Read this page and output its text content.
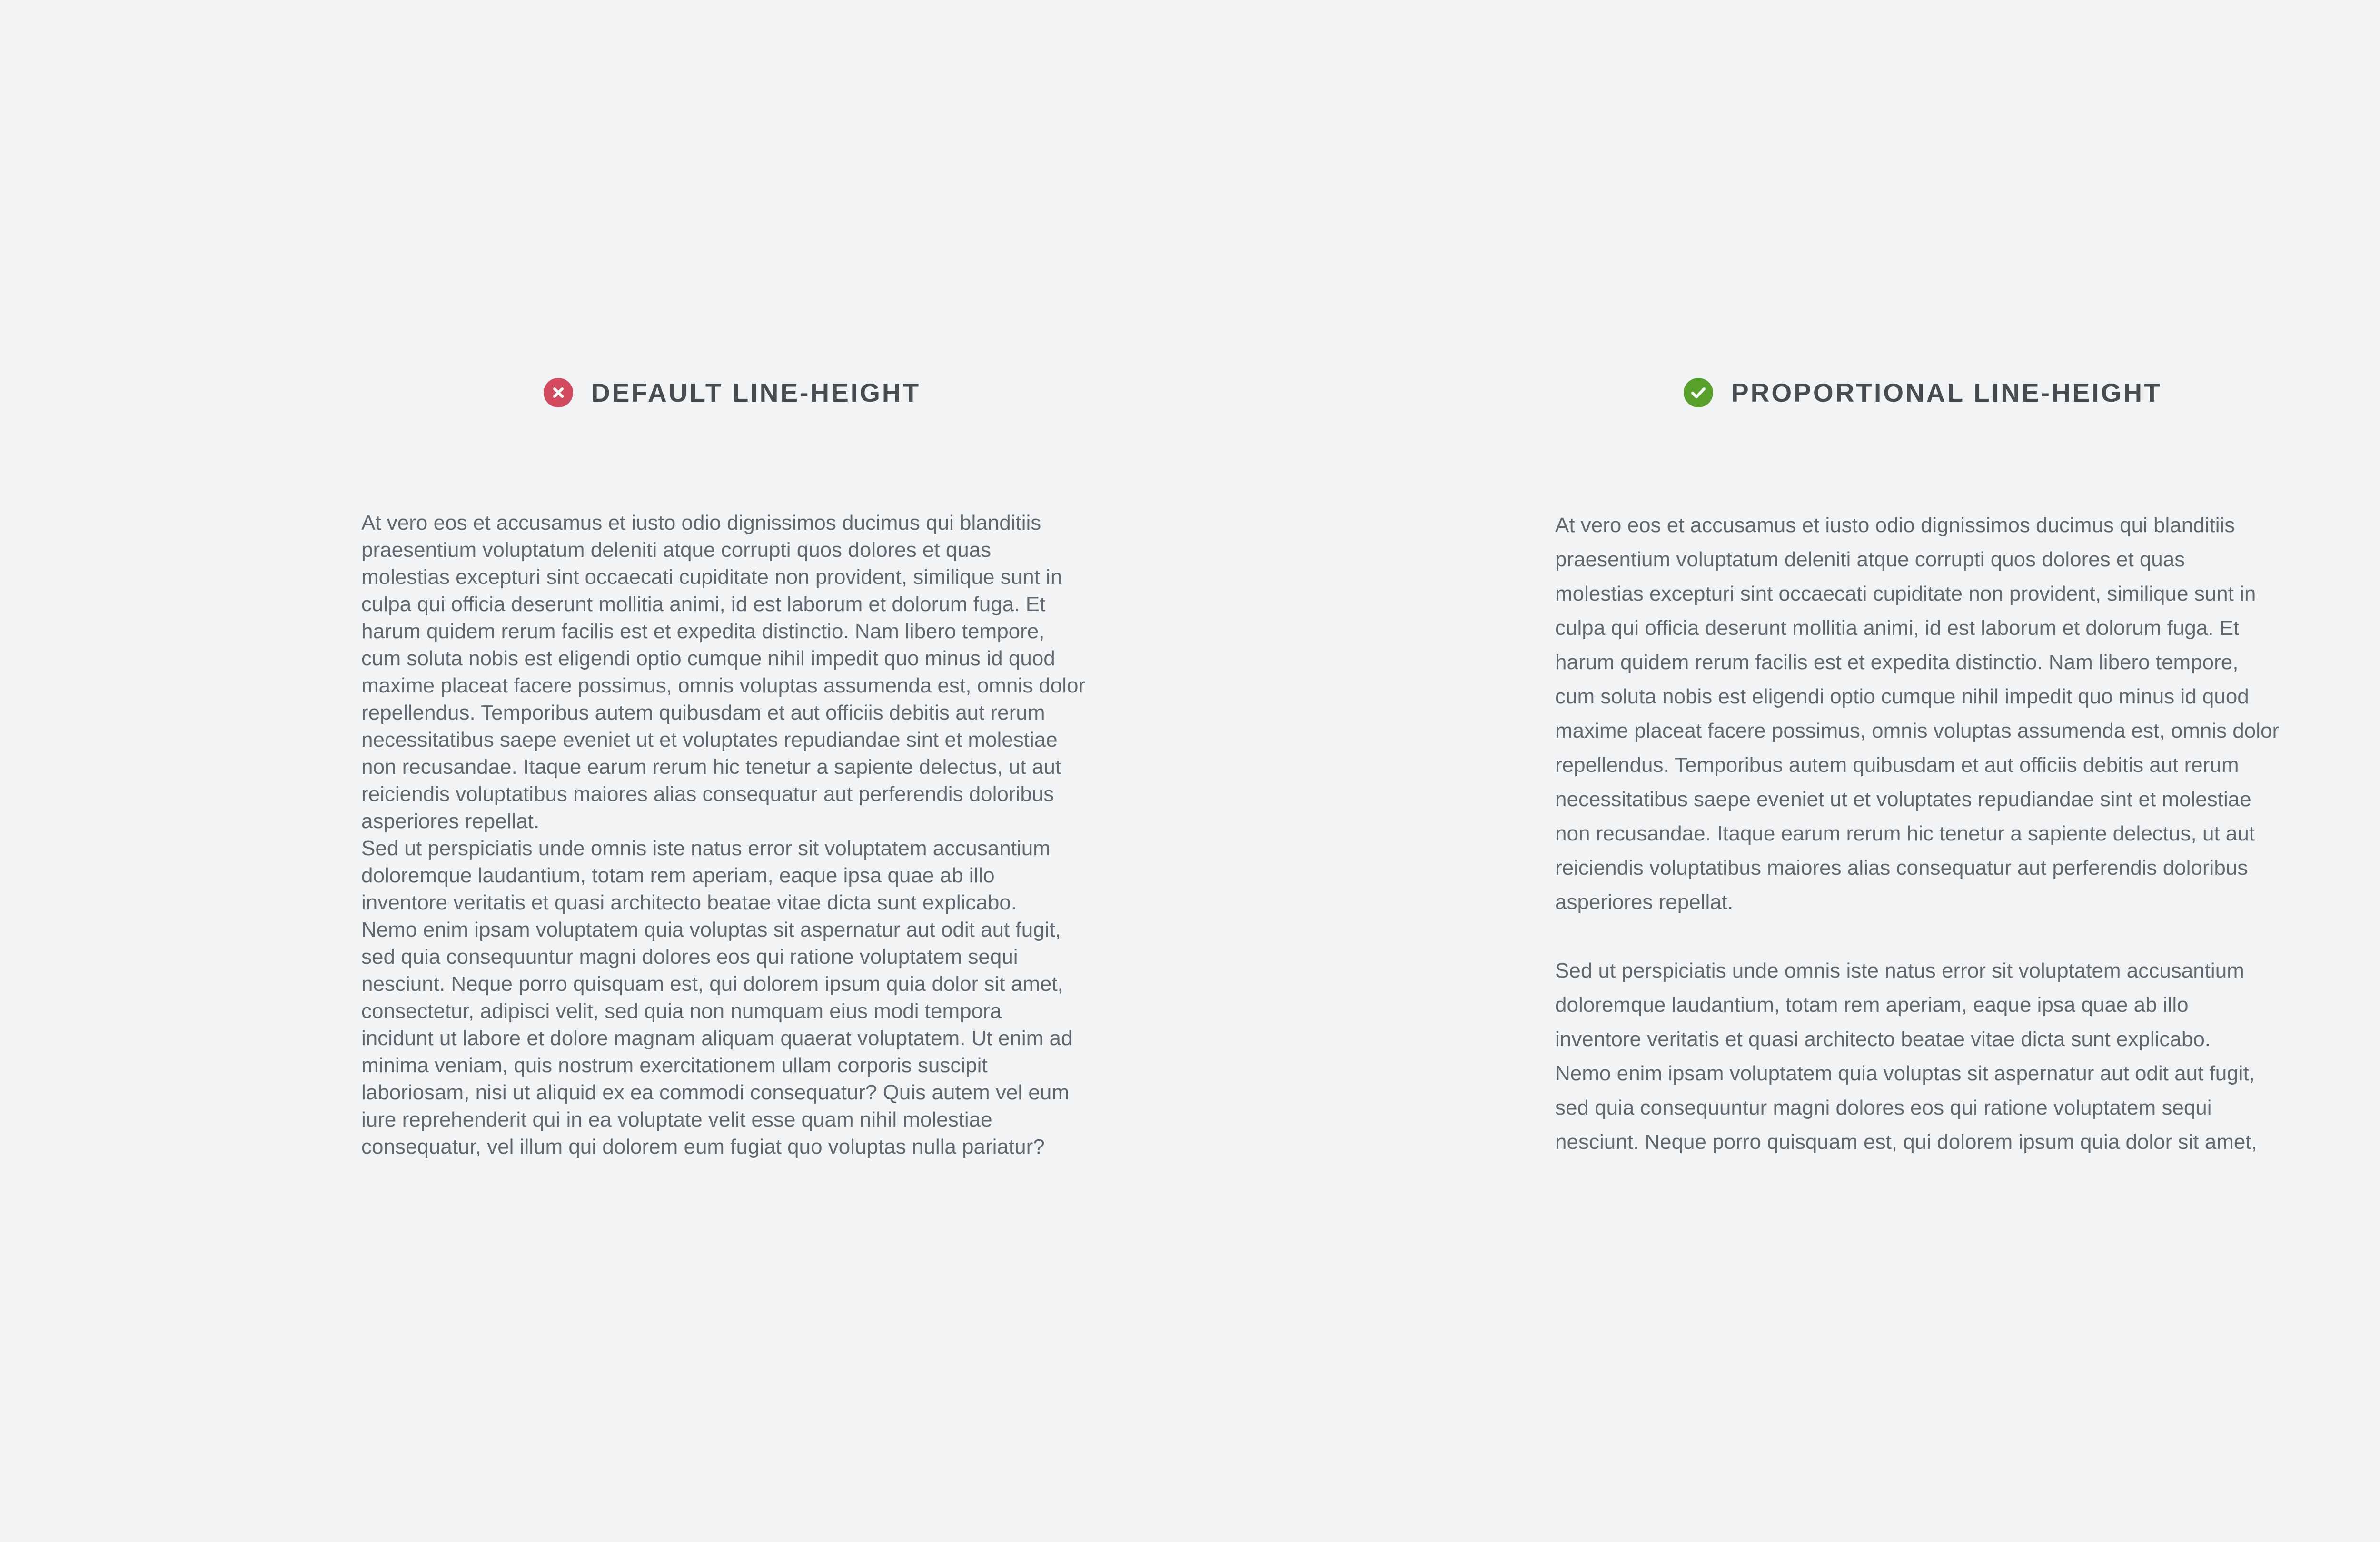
DEFAULT LINE-HEIGHT

At vero eos et accusamus et iusto odio dignissimos ducimus qui blanditiis
praesentium voluptatum deleniti atque corrupti quos dolores et quas
molestias excepturi sint occaecati cupiditate non provident, similique sunt in
culpa qui officia deserunt mollitia animi, id est laborum et dolorum fuga. Et
harum quidem rerum facilis est et expedita distinctio. Nam libero tempore,
cum soluta nobis est eligendi optio cumque nihil impedit quo minus id quod
maxime placeat facere possimus, omnis voluptas assumenda est, omnis dolor
repellendus. Temporibus autem quibusdam et aut officiis debitis aut rerum
necessitatibus saepe eveniet ut et voluptates repudiandae sint et molestiae
non recusandae. Itaque earum rerum hic tenetur a sapiente delectus, ut aut
reiciendis voluptatibus maiores alias consequatur aut perferendis doloribus
asperiores repellat.

Sed ut perspiciatis unde omnis iste natus error sit voluptatem accusantium
doloremque laudantium, totam rem aperiam, eaque ipsa quae ab illo
inventore veritatis et quasi architecto beatae vitae dicta sunt explicabo.
Nemo enim ipsam voluptatem quia voluptas sit aspernatur aut odit aut fugit,
sed quia consequuntur magni dolores eos qui ratione voluptatem sequi
nesciunt. Neque porro quisquam est, qui dolorem ipsum quia dolor sit amet,
consectetur, adipisci velit, sed quia non numquam eius modi tempora
incidunt ut labore et dolore magnam aliquam quaerat voluptatem. Ut enim ad
minima veniam, quis nostrum exercitationem ullam corporis suscipit
laboriosam, nisi ut aliquid ex ea commodi consequatur? Quis autem vel eum
iure reprehenderit qui in ea voluptate velit esse quam nihil molestiae
consequatur, vel illum qui dolorem eum fugiat quo voluptas nulla pariatur?

PROPORTIONAL LINE-HEIGHT

At vero eos et accusamus et iusto odio dignissimos ducimus qui blanditiis
praesentium voluptatum deleniti atque corrupti quos dolores et quas
molestias excepturi sint occaecati cupiditate non provident, similique sunt in
culpa qui officia deserunt mollitia animi, id est laborum et dolorum fuga. Et
harum quidem rerum facilis est et expedita distinctio. Nam libero tempore,
cum soluta nobis est eligendi optio cumque nihil impedit quo minus id quod
maxime placeat facere possimus, omnis voluptas assumenda est, omnis dolor
repellendus. Temporibus autem quibusdam et aut officiis debitis aut rerum
necessitatibus saepe eveniet ut et voluptates repudiandae sint et molestiae
non recusandae. Itaque earum rerum hic tenetur a sapiente delectus, ut aut
reiciendis voluptatibus maiores alias consequatur aut perferendis doloribus
asperiores repellat.

Sed ut perspiciatis unde omnis iste natus error sit voluptatem accusantium
doloremque laudantium, totam rem aperiam, eaque ipsa quae ab illo
inventore veritatis et quasi architecto beatae vitae dicta sunt explicabo.
Nemo enim ipsam voluptatem quia voluptas sit aspernatur aut odit aut fugit,
sed quia consequuntur magni dolores eos qui ratione voluptatem sequi
nesciunt. Neque porro quisquam est, qui dolorem ipsum quia dolor sit amet,
